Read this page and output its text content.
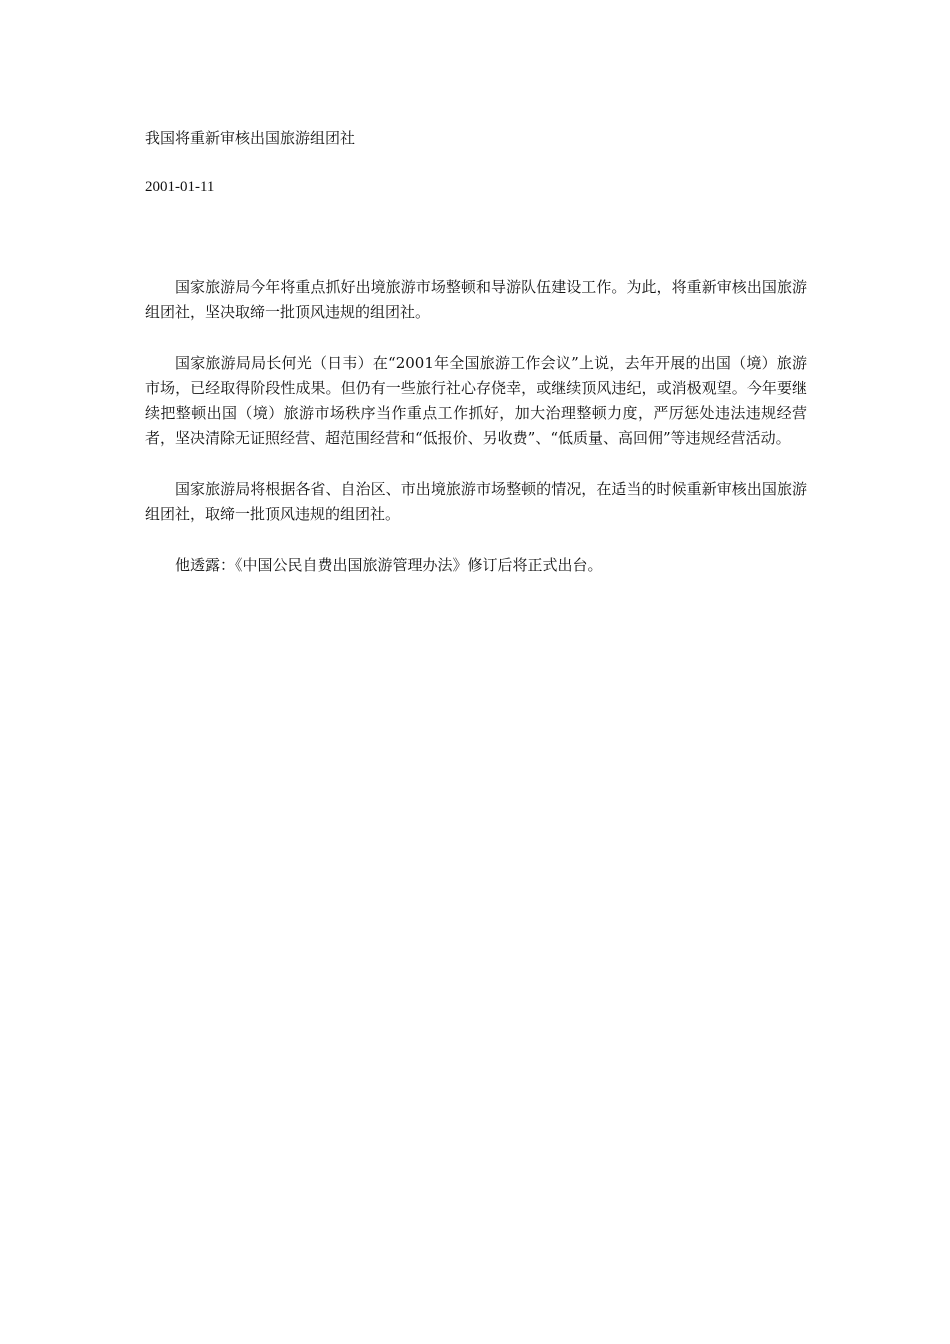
我国将重新审核出国旅游组团社

2001-01-11

国家旅游局今年将重点抓好出境旅游市场整顿和导游队伍建设工作。为此，将重新审核出国旅游组团社，坚决取缔一批顶风违规的组团社。

国家旅游局局长何光（日韦）在“2001年全国旅游工作会议”上说，去年开展的出国（境）旅游市场，已经取得阶段性成果。但仍有一些旅行社心存侥幸，或继续顶风违纪，或消极观望。今年要继续把整顿出国（境）旅游市场秩序当作重点工作抓好，加大治理整顿力度，严厉惩处违法违规经营者，坚决清除无证照经营、超范围经营和“低报价、另收费”、“低质量、高回佣”等违规经营活动。

国家旅游局将根据各省、自治区、市出境旅游市场整顿的情况，在适当的时候重新审核出国旅游组团社，取缔一批顶风违规的组团社。

他透露：《中国公民自费出国旅游管理办法》修订后将正式出台。
